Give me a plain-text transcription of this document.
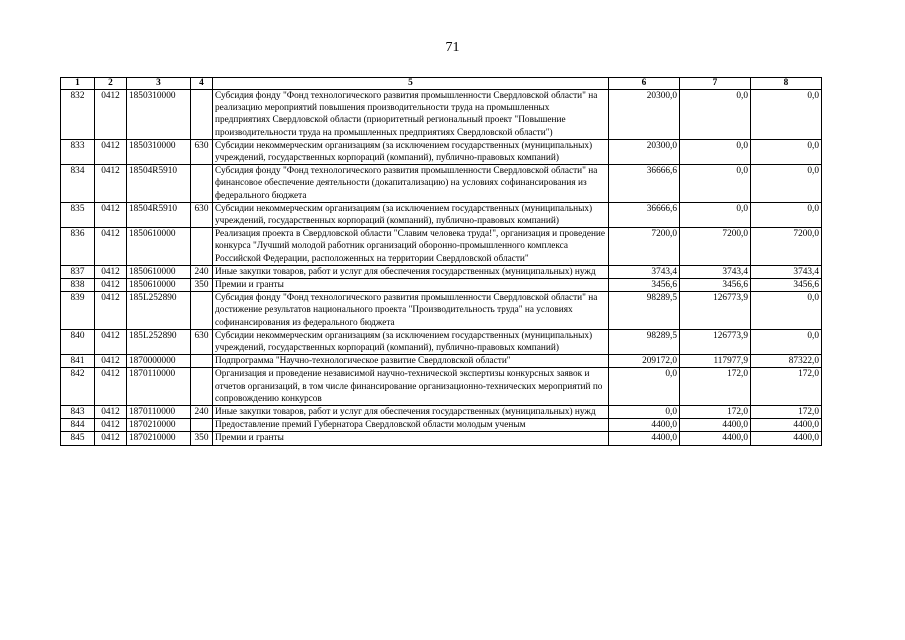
71
1	2	3	4	5	6	7	8
832	0412	1850310000		Субсидия фонду "Фонд технологического развития промышленности Свердловской области" на реализацию мероприятий повышения производительности труда на промышленных предприятиях Свердловской области (приоритетный региональный проект "Повышение производительности труда на промышленных предприятиях Свердловской области")	20300,0	0,0	0,0
833	0412	1850310000	630	Субсидии некоммерческим организациям (за исключением государственных (муниципальных) учреждений, государственных корпораций (компаний), публично-правовых компаний)	20300,0	0,0	0,0
834	0412	18504R5910		Субсидия фонду "Фонд технологического развития промышленности Свердловской области" на финансовое обеспечение деятельности (докапитализацию) на условиях софинансирования из федерального бюджета	36666,6	0,0	0,0
835	0412	18504R5910	630	Субсидии некоммерческим организациям (за исключением государственных (муниципальных) учреждений, государственных корпораций (компаний), публично-правовых компаний)	36666,6	0,0	0,0
836	0412	1850610000		Реализация проекта в Свердловской области "Славим человека труда!", организация и проведение конкурса "Лучший молодой работник организаций оборонно-промышленного комплекса Российской Федерации, расположенных на территории Свердловской области"	7200,0	7200,0	7200,0
837	0412	1850610000	240	Иные закупки товаров, работ и услуг для обеспечения государственных (муниципальных) нужд	3743,4	3743,4	3743,4
838	0412	1850610000	350	Премии и гранты	3456,6	3456,6	3456,6
839	0412	185L252890		Субсидия фонду "Фонд технологического развития промышленности Свердловской области" на достижение результатов национального проекта "Производительность труда" на условиях софинансирования из федерального бюджета	98289,5	126773,9	0,0
840	0412	185L252890	630	Субсидии некоммерческим организациям (за исключением государственных (муниципальных) учреждений, государственных корпораций (компаний), публично-правовых компаний)	98289,5	126773,9	0,0
841	0412	1870000000		Подпрограмма "Научно-технологическое развитие Свердловской области"	209172,0	117977,9	87322,0
842	0412	1870110000		Организация и проведение независимой научно-технической экспертизы конкурсных заявок и отчетов организаций, в том числе финансирование организационно-технических мероприятий по сопровождению конкурсов	0,0	172,0	172,0
843	0412	1870110000	240	Иные закупки товаров, работ и услуг для обеспечения государственных (муниципальных) нужд	0,0	172,0	172,0
844	0412	1870210000		Предоставление премий Губернатора Свердловской области молодым ученым	4400,0	4400,0	4400,0
845	0412	1870210000	350	Премии и гранты	4400,0	4400,0	4400,0
